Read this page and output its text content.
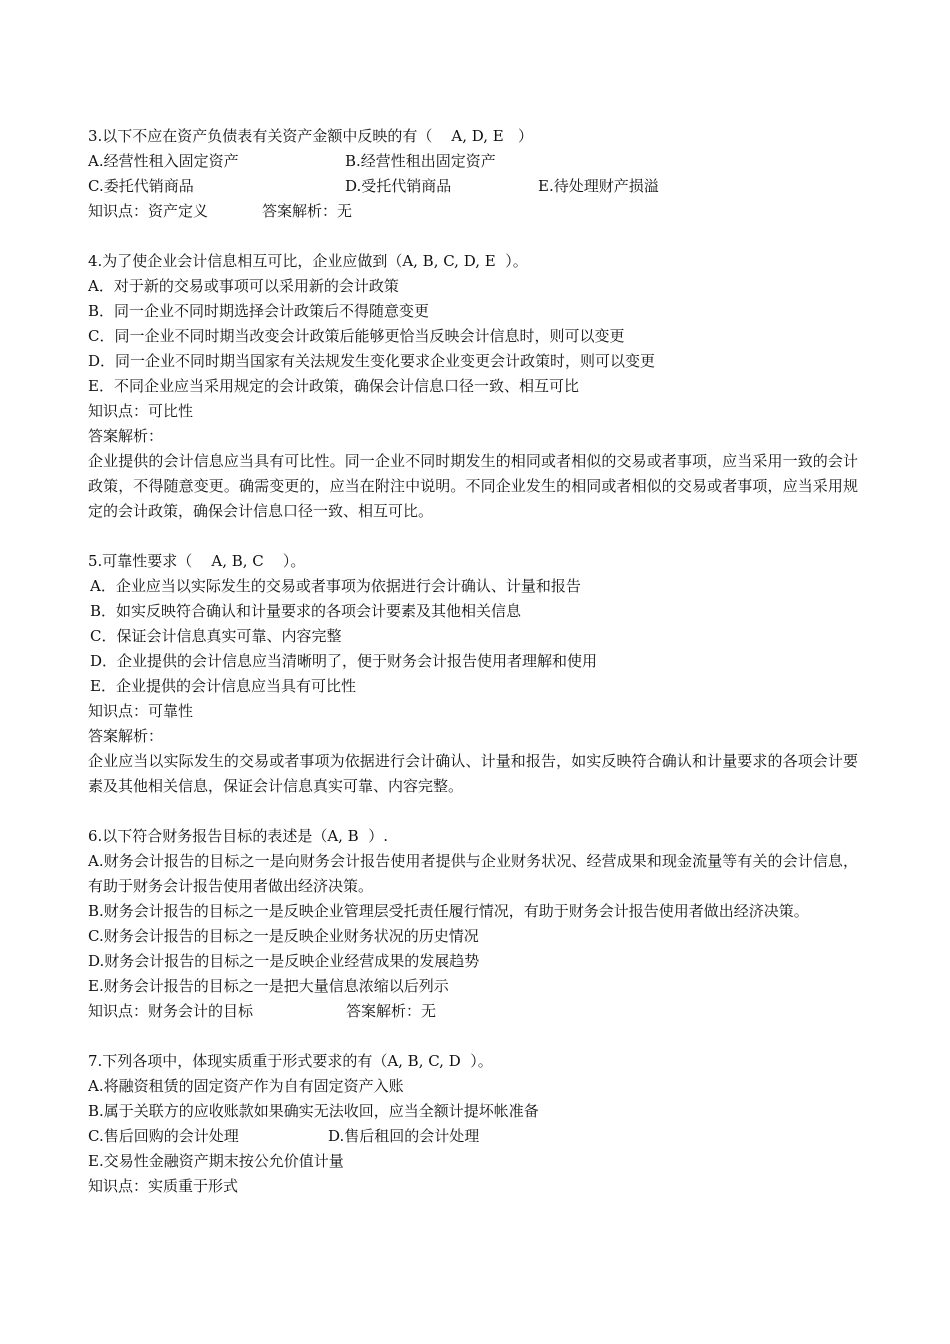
3.以下不应在资产负债表有关资产金额中反映的有（    A, D, E   ）
A.经营性租入固定资产	B.经营性租出固定资产
C.委托代销商品	D.受托代销商品	E.待处理财产损溢
知识点：资产定义	答案解析：无
4.为了使企业会计信息相互可比，企业应做到（A, B, C, D, E  ）。
A．对于新的交易或事项可以采用新的会计政策
B．同一企业不同时期选择会计政策后不得随意变更
C．同一企业不同时期当改变会计政策后能够更恰当反映会计信息时，则可以变更
D．同一企业不同时期当国家有关法规发生变化要求企业变更会计政策时，则可以变更
E．不同企业应当采用规定的会计政策，确保会计信息口径一致、相互可比
知识点：可比性
答案解析：
企业提供的会计信息应当具有可比性。同一企业不同时期发生的相同或者相似的交易或者事项，应当采用一致的会计政策，不得随意变更。确需变更的，应当在附注中说明。不同企业发生的相同或者相似的交易或者事项，应当采用规定的会计政策，确保会计信息口径一致、相互可比。
5.可靠性要求（    A, B, C    ）。
A．企业应当以实际发生的交易或者事项为依据进行会计确认、计量和报告
B．如实反映符合确认和计量要求的各项会计要素及其他相关信息
C．保证会计信息真实可靠、内容完整
D．企业提供的会计信息应当清晰明了，便于财务会计报告使用者理解和使用
E．企业提供的会计信息应当具有可比性
知识点：可靠性
答案解析：
企业应当以实际发生的交易或者事项为依据进行会计确认、计量和报告，如实反映符合确认和计量要求的各项会计要素及其他相关信息，保证会计信息真实可靠、内容完整。
6.以下符合财务报告目标的表述是（A, B  ）.
A.财务会计报告的目标之一是向财务会计报告使用者提供与企业财务状况、经营成果和现金流量等有关的会计信息，有助于财务会计报告使用者做出经济决策。
B.财务会计报告的目标之一是反映企业管理层受托责任履行情况，有助于财务会计报告使用者做出经济决策。
C.财务会计报告的目标之一是反映企业财务状况的历史情况
D.财务会计报告的目标之一是反映企业经营成果的发展趋势
E.财务会计报告的目标之一是把大量信息浓缩以后列示
知识点：财务会计的目标	答案解析：无
7.下列各项中，体现实质重于形式要求的有（A, B, C, D  ）。
A.将融资租赁的固定资产作为自有固定资产入账
B.属于关联方的应收账款如果确实无法收回，应当全额计提坏帐准备
C.售后回购的会计处理	D.售后租回的会计处理
E.交易性金融资产期末按公允价值计量
知识点：实质重于形式
